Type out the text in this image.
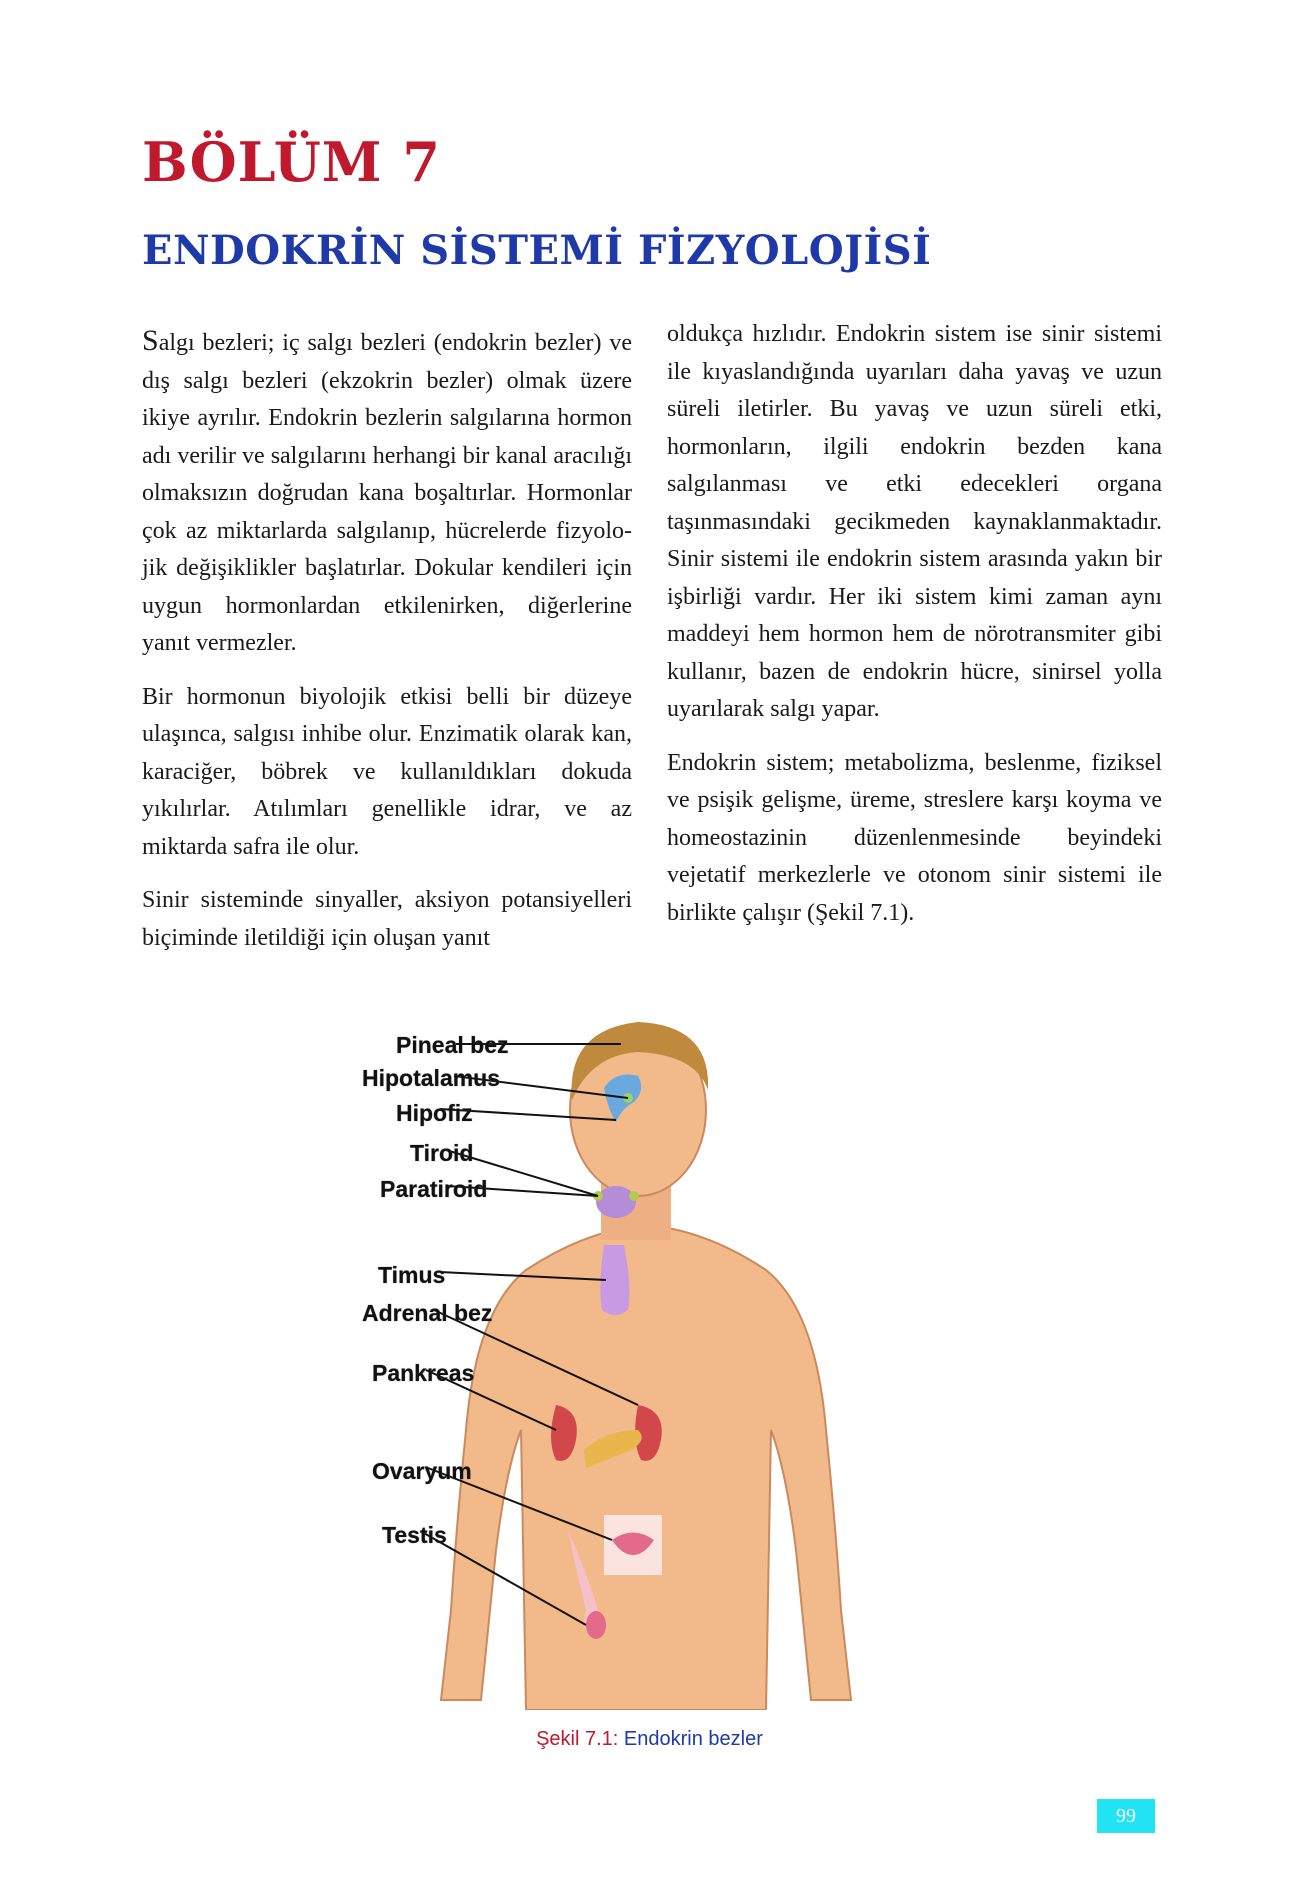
BÖLÜM 7
ENDOKRİN SİSTEMİ FİZYOLOJİSİ

Salgı bezleri; iç salgı bezleri (endokrin bezler) ve dış salgı bezleri (ekzokrin bezler) olmak üzere ikiye ayrılır. Endokrin bezlerin salgılarına hormon adı verilir ve salgılarını herhangi bir kanal aracılığı olmaksızın doğrudan kana boşaltırlar. Hormonlar çok az miktarlarda salgılanıp, hücrelerde fizyolojik değişiklikler başlatırlar. Dokular kendileri için uygun hormonlardan etkilenirken, diğerlerine yanıt vermezler.

Bir hormonun biyolojik etkisi belli bir düzeye ulaşınca, salgısı inhibe olur. Enzimatik olarak kan, karaciğer, böbrek ve kullanıldıkları dokuda yıkılırlar. Atılımları genellikle idrar, ve az miktarda safra ile olur.

Sinir sisteminde sinyaller, aksiyon potansiyelleri biçiminde iletildiği için oluşan yanıt

oldukça hızlıdır. Endokrin sistem ise sinir sistemi ile kıyaslandığında uyarıları daha yavaş ve uzun süreli iletirler. Bu yavaş ve uzun süreli etki, hormonların, ilgili endokrin bezden kana salgılanması ve etki edecekleri organa taşınmasındaki gecikmeden kaynaklanmaktadır. Sinir sistemi ile endokrin sistem arasında yakın bir işbirliği vardır. Her iki sistem kimi zaman aynı maddeyi hem hormon hem de nörotransmiter gibi kullanır, bazen de endokrin hücre, sinirsel yolla uyarılarak salgı yapar.

Endokrin sistem; metabolizma, beslenme, fiziksel ve psişik gelişme, üreme, streslere karşı koyma ve homeostazinin düzenlenmesinde beyindeki vejetatif merkezlerle ve otonom sinir sistemi ile birlikte çalışır (Şekil 7.1).

Pineal bez
Hipotalamus
Hipofiz
Tiroid
Paratiroid
Timus
Adrenal bez
Pankreas
Ovaryum
Testis
Şekil 7.1: Endokrin bezler
99
